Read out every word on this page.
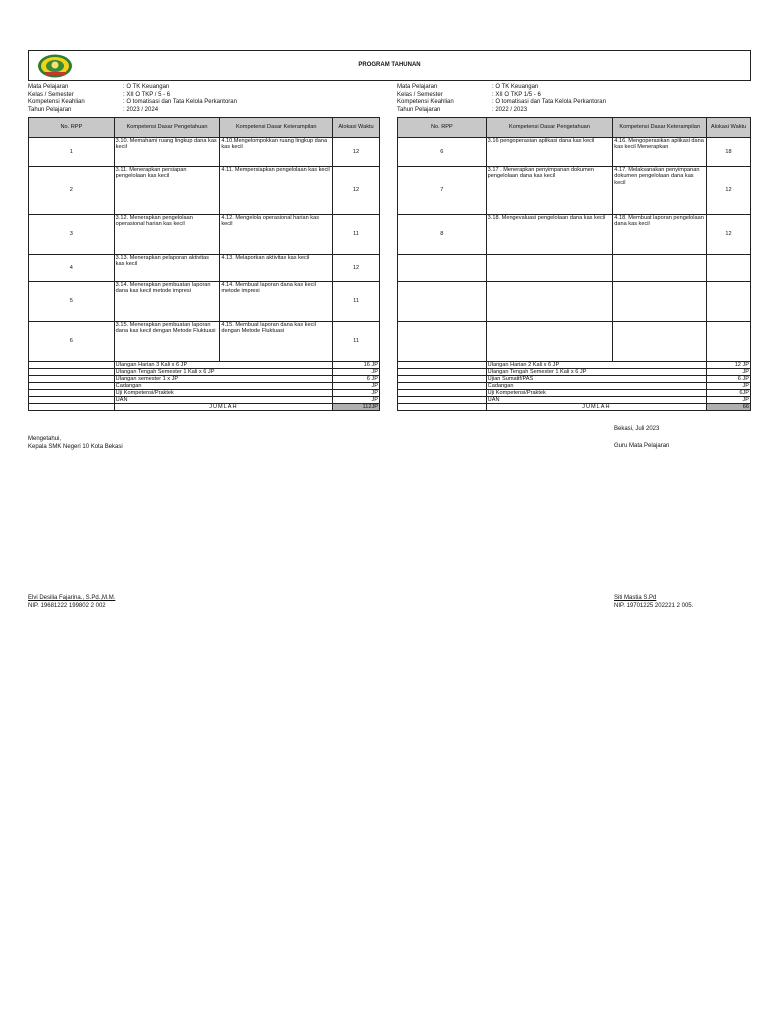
PROGRAM TAHUNAN
Mata Pelajaran	: O TK Keuangan
Kelas / Semester	: XII O TKP / 5 - 6
Kompetensi Keahlian	: O tomatisasi dan Tata Kelola Perkantoran
Tahun Pelajaran	: 2023 / 2024
Mata Pelajaran	: O TK Keuangan
Kelas / Semester	: XII O TKP 1/5 - 6
Kompetensi Keahlian	: O tomatisasi dan Tata Kelola Perkantoran
Tahun Pelajaran	: 2022 / 2023
No. RPP	Kompetensi Dasar Pengetahuan	Kompetensi Dasar Keterampilan	Alokasi Waktu
1	3.10. Memahami ruang lingkup dana kas kecil	4.10.Mengelompokkan ruang lingkup dana kas kecil	12
2	3.11. Menerapkan persiapan pengelolaan kas kecil	4.11. Mempersiapkan pengelolaan kas kecil	12
3	3.12. Menerapkan pengelolaan operasional harian kas kecil	4.12. Mengelola operasional harian kas kecil	11
4	3.13. Menerapkan pelaporan aktivitas kas kecil	4.13. Melaporkan aktivitas kas kecil	12
5	3.14. Menerapkan pembuatan laporan dana kas kecil metode impresi	4.14. Membuat laporan dana kas kecil metode impresi	11
6	3.15. Menerapkan pembuatan laporan dana kas kecil dengan Metode Fluktuasi	4.15. Membuat laporan dana kas kecil dengan Metode Fluktuasi	11
	Ulangan Harian 3 Kali x 6 JP		16 JP
	Ulangan Tengah Semester 1 Kali x 6 JP		JP
	Ulangan semester 1 x JP		6 JP
	Cadangan		JP
	Uji Kompetensi/Praktek		JP
	UAN		JP
	JUMLAH		112JP
No. RPP	Kompetensi Dasar Pengetahuan	Kompetensi Dasar Keterampilan	Alokasi Waktu
6	3.16 pengoperasian aplikasi dana kas kecil	4.16. Mengoperasikan aplikasi dana kas kecil Menerapkan	18
7	3.17 . Menerapkan penyimpanan dokumen pengelolaan dana kas kecil	4.17. Melaksanakan penyimpanan dokumen pengelolaan dana kas kecil	12
8	3.18. Mengevaluasi pengelolaan dana kas kecil	4.18. Membuat laporan pengelolaan dana kas kecil	12

	Ulangan Harian 2 Kali x 6 JP		12 JP
	Ulangan Tengah Semester 1 Kali x 6 JP		JP
	Ujian Sumatif/PAS		6 JP
	Cadangan		JP
	Uji Kompetensi/Praktek		6JP
	UAN		JP
	JUMLAH		66
Bekasi, Juli 2023
Mengetahui,
Kepala SMK Negeri 10 Kota Bekasi	Guru Mata Pelajaran
Elvi Desilia Fajarina., S.Pd.,M.M.
NIP. 19681222 199802 2 002
Siti Mastia S.Pd
NIP. 19701225 202221 2 005.
